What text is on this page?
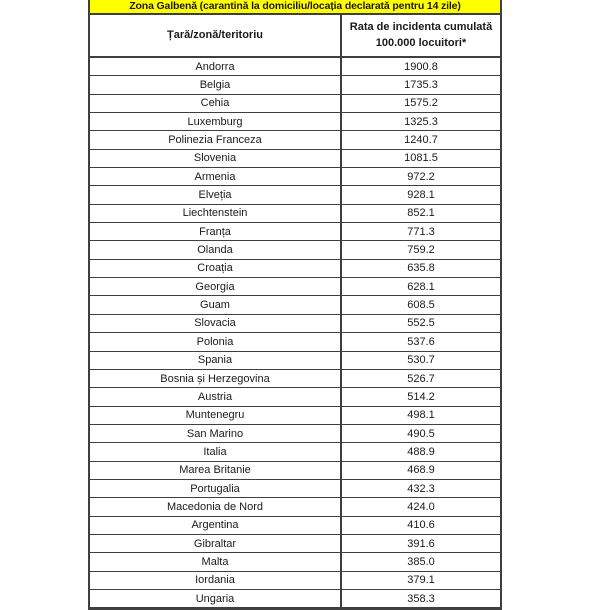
Zona Galbenă (carantină la domiciliu/locația declarată pentru 14 zile)
Țară/zonă/teritoriu
Rata de incidenta cumulată
100.000 locuitori*
Andorra	1900.8
Belgia	1735.3
Cehia	1575.2
Luxemburg	1325.3
Polinezia Franceza	1240.7
Slovenia	1081.5
Armenia	972.2
Elveția	928.1
Liechtenstein	852.1
Franța	771.3
Olanda	759.2
Croația	635.8
Georgia	628.1
Guam	608.5
Slovacia	552.5
Polonia	537.6
Spania	530.7
Bosnia și Herzegovina	526.7
Austria	514.2
Muntenegru	498.1
San Marino	490.5
Italia	488.9
Marea Britanie	468.9
Portugalia	432.3
Macedonia de Nord	424.0
Argentina	410.6
Gibraltar	391.6
Malta	385.0
Iordania	379.1
Ungaria	358.3
